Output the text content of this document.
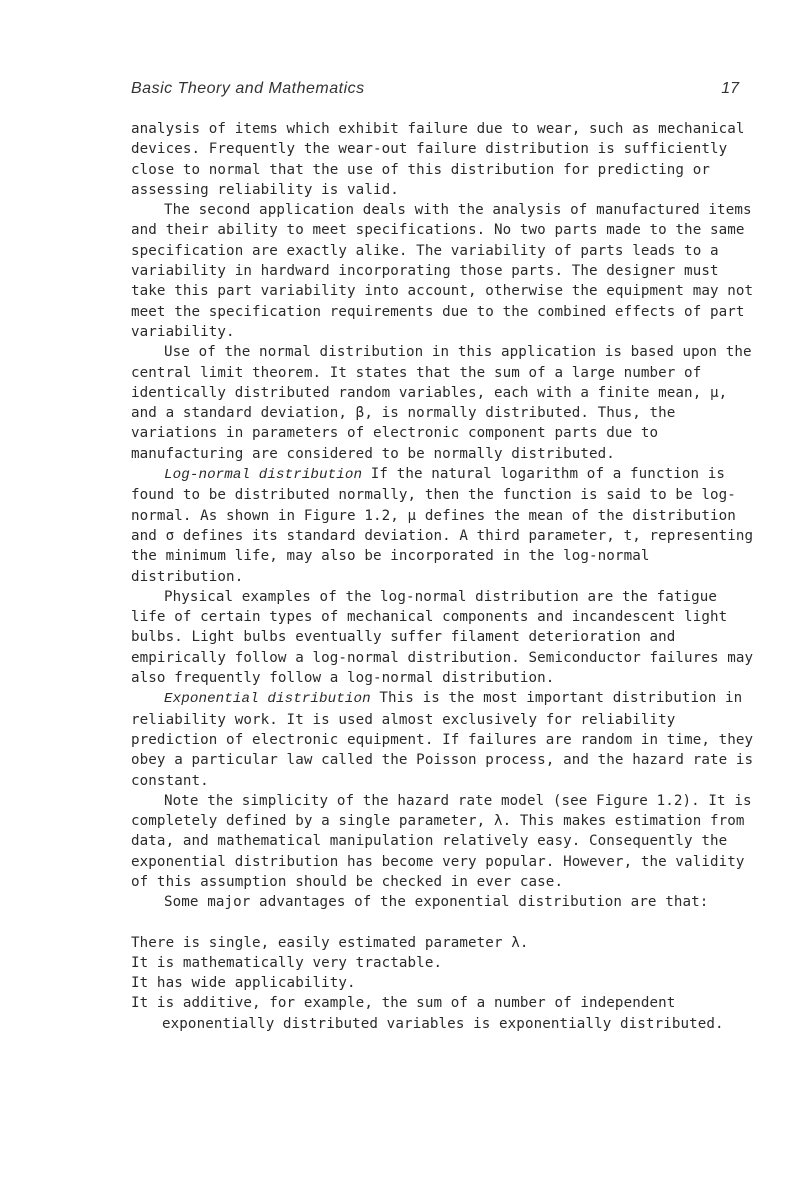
Basic Theory and Mathematics	17

analysis of items which exhibit failure due to wear, such as mechanical devices. Frequently the wear-out failure distribution is sufficiently close to normal that the use of this distribution for predicting or assessing reliability is valid.

The second application deals with the analysis of manufactured items and their ability to meet specifications. No two parts made to the same specification are exactly alike. The variability of parts leads to a variability in hardward incorporating those parts. The designer must take this part variability into account, otherwise the equipment may not meet the specification requirements due to the combined effects of part variability.

Use of the normal distribution in this application is based upon the central limit theorem. It states that the sum of a large number of identically distributed random variables, each with a finite mean, μ, and a standard deviation, β, is normally distributed. Thus, the variations in parameters of electronic component parts due to manufacturing are considered to be normally distributed.

Log-normal distribution If the natural logarithm of a function is found to be distributed normally, then the function is said to be log-normal. As shown in Figure 1.2, μ defines the mean of the distribution and σ defines its standard deviation. A third parameter, t, representing the minimum life, may also be incorporated in the log-normal distribution.

Physical examples of the log-normal distribution are the fatigue life of certain types of mechanical components and incandescent light bulbs. Light bulbs eventually suffer filament deterioration and empirically follow a log-normal distribution. Semiconductor failures may also frequently follow a log-normal distribution.

Exponential distribution This is the most important distribution in reliability work. It is used almost exclusively for reliability prediction of electronic equipment. If failures are random in time, they obey a particular law called the Poisson process, and the hazard rate is constant.

Note the simplicity of the hazard rate model (see Figure 1.2). It is completely defined by a single parameter, λ. This makes estimation from data, and mathematical manipulation relatively easy. Consequently the exponential distribution has become very popular. However, the validity of this assumption should be checked in ever case.

Some major advantages of the exponential distribution are that:

There is single, easily estimated parameter λ.

It is mathematically very tractable.

It has wide applicability.

It is additive, for example, the sum of a number of independent exponentially distributed variables is exponentially distributed.
